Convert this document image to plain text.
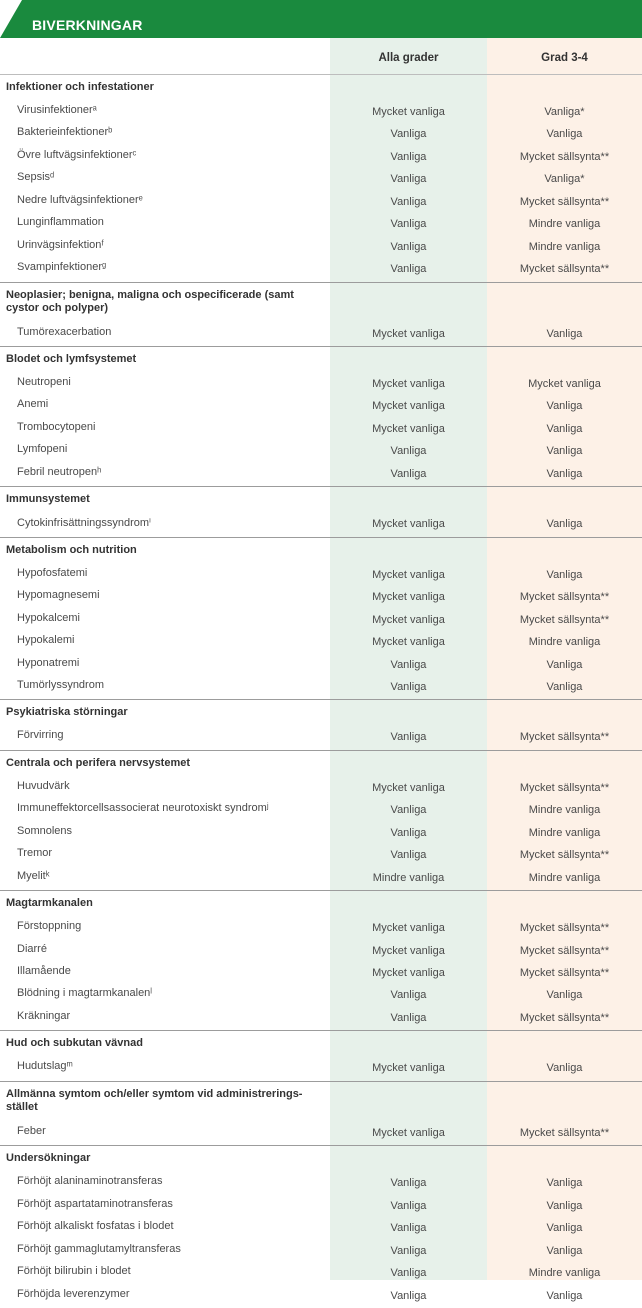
BIVERKNINGAR
Alla grader	Grad 3-4
Infektioner och infestationer
Virusinfektionerᵃ	Mycket vanliga	Vanliga*
Bakterieinfektionerᵇ	Vanliga	Vanliga
Övre luftvägsinfektionerᶜ	Vanliga	Mycket sällsynta**
Sepsisᵈ	Vanliga	Vanliga*
Nedre luftvägsinfektionerᵉ	Vanliga	Mycket sällsynta**
Lunginflammation	Vanliga	Mindre vanliga
Urinvägsinfektionᶠ	Vanliga	Mindre vanliga
Svampinfektionerᵍ	Vanliga	Mycket sällsynta**
Neoplasier; benigna, maligna och ospecificerade (samt cystor och polyper)
Tumörexacerbation	Mycket vanliga	Vanliga
Blodet och lymfsystemet
Neutropeni	Mycket vanliga	Mycket vanliga
Anemi	Mycket vanliga	Vanliga
Trombocytopeni	Mycket vanliga	Vanliga
Lymfopeni	Vanliga	Vanliga
Febril neutropenʰ	Vanliga	Vanliga
Immunsystemet
Cytokinfrisättningssyndromⁱ	Mycket vanliga	Vanliga
Metabolism och nutrition
Hypofosfatemi	Mycket vanliga	Vanliga
Hypomagnesemi	Mycket vanliga	Mycket sällsynta**
Hypokalcemi	Mycket vanliga	Mycket sällsynta**
Hypokalemi	Mycket vanliga	Mindre vanliga
Hyponatremi	Vanliga	Vanliga
Tumörlyssyndrom	Vanliga	Vanliga
Psykiatriska störningar
Förvirring	Vanliga	Mycket sällsynta**
Centrala och perifera nervsystemet
Huvudvärk	Mycket vanliga	Mycket sällsynta**
Immuneffektorcellsassocierat neurotoxiskt syndromʲ	Vanliga	Mindre vanliga
Somnolens	Vanliga	Mindre vanliga
Tremor	Vanliga	Mycket sällsynta**
Myelitᵏ	Mindre vanliga	Mindre vanliga
Magtarmkanalen
Förstoppning	Mycket vanliga	Mycket sällsynta**
Diarré	Mycket vanliga	Mycket sällsynta**
Illamående	Mycket vanliga	Mycket sällsynta**
Blödning i magtarmkanalenˡ	Vanliga	Vanliga
Kräkningar	Vanliga	Mycket sällsynta**
Hud och subkutan vävnad
Hudutslagᵐ	Mycket vanliga	Vanliga
Allmänna symtom och/eller symtom vid administrerings-stället
Feber	Mycket vanliga	Mycket sällsynta**
Undersökningar
Förhöjt alaninaminotransferas	Vanliga	Vanliga
Förhöjt aspartataminotransferas	Vanliga	Vanliga
Förhöjt alkaliskt fosfatas i blodet	Vanliga	Vanliga
Förhöjt gammaglutamyltransferas	Vanliga	Vanliga
Förhöjt bilirubin i blodet	Vanliga	Mindre vanliga
Förhöjda leverenzymer	Vanliga	Vanliga
